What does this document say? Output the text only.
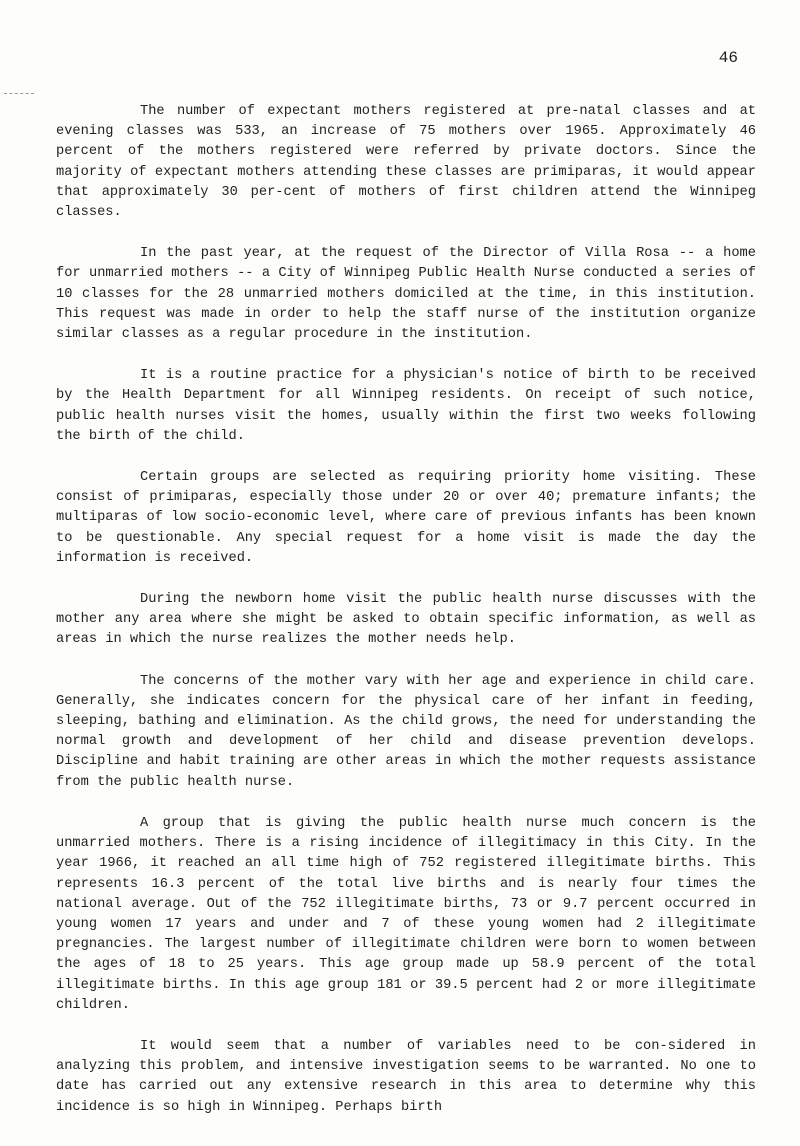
46

The number of expectant mothers registered at pre-natal classes and at evening classes was 533, an increase of 75 mothers over 1965. Approximately 46 percent of the mothers registered were referred by private doctors. Since the majority of expectant mothers attending these classes are primiparas, it would appear that approximately 30 per-cent of mothers of first children attend the Winnipeg classes.

In the past year, at the request of the Director of Villa Rosa -- a home for unmarried mothers -- a City of Winnipeg Public Health Nurse conducted a series of 10 classes for the 28 unmarried mothers domiciled at the time, in this institution. This request was made in order to help the staff nurse of the institution organize similar classes as a regular procedure in the institution.

It is a routine practice for a physician's notice of birth to be received by the Health Department for all Winnipeg residents. On receipt of such notice, public health nurses visit the homes, usually within the first two weeks following the birth of the child.

Certain groups are selected as requiring priority home visiting. These consist of primiparas, especially those under 20 or over 40; premature infants; the multiparas of low socio-economic level, where care of previous infants has been known to be questionable. Any special request for a home visit is made the day the information is received.

During the newborn home visit the public health nurse discusses with the mother any area where she might be asked to obtain specific information, as well as areas in which the nurse realizes the mother needs help.

The concerns of the mother vary with her age and experience in child care. Generally, she indicates concern for the physical care of her infant in feeding, sleeping, bathing and elimination. As the child grows, the need for understanding the normal growth and development of her child and disease prevention develops. Discipline and habit training are other areas in which the mother requests assistance from the public health nurse.

A group that is giving the public health nurse much concern is the unmarried mothers. There is a rising incidence of illegitimacy in this City. In the year 1966, it reached an all time high of 752 registered illegitimate births. This represents 16.3 percent of the total live births and is nearly four times the national average. Out of the 752 illegitimate births, 73 or 9.7 percent occurred in young women 17 years and under and 7 of these young women had 2 illegitimate pregnancies. The largest number of illegitimate children were born to women between the ages of 18 to 25 years. This age group made up 58.9 percent of the total illegitimate births. In this age group 181 or 39.5 percent had 2 or more illegitimate children.

It would seem that a number of variables need to be con-sidered in analyzing this problem, and intensive investigation seems to be warranted. No one to date has carried out any extensive research in this area to determine why this incidence is so high in Winnipeg. Perhaps birth
